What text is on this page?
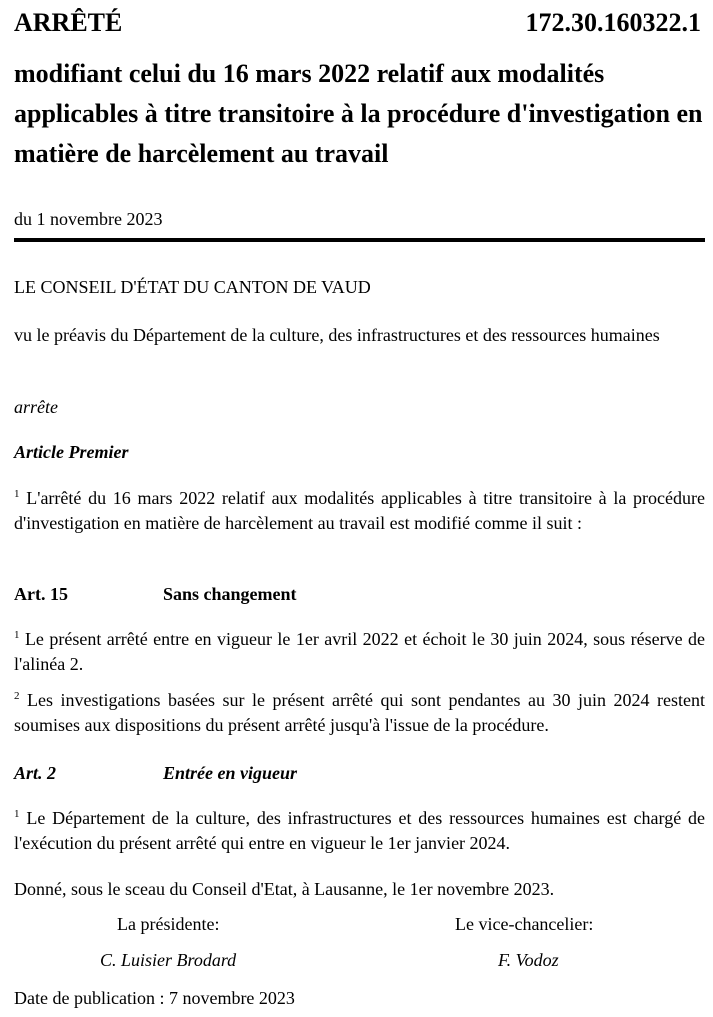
ARRÊTÉ	172.30.160322.1
modifiant celui du 16 mars 2022 relatif aux modalités applicables à titre transitoire à la procédure d'investigation en matière de harcèlement au travail
du 1 novembre 2023
LE CONSEIL D'ÉTAT DU CANTON DE VAUD
vu le préavis du Département de la culture, des infrastructures et des ressources humaines
arrête
Article Premier
$^1$ L'arrêté du 16 mars 2022 relatif aux modalités applicables à titre transitoire à la procédure d'investigation en matière de harcèlement au travail est modifié comme il suit :
Art. 15	Sans changement
$^1$ Le présent arrêté entre en vigueur le 1er avril 2022 et échoit le 30 juin 2024, sous réserve de l'alinéa 2.
$^2$ Les investigations basées sur le présent arrêté qui sont pendantes au 30 juin 2024 restent soumises aux dispositions du présent arrêté jusqu'à l'issue de la procédure.
Art. 2	Entrée en vigueur
$^1$ Le Département de la culture, des infrastructures et des ressources humaines est chargé de l'exécution du présent arrêté qui entre en vigueur le 1er janvier 2024.
Donné, sous le sceau du Conseil d'Etat, à Lausanne, le 1er novembre 2023.
La présidente:	Le vice-chancelier:
C. Luisier Brodard	F. Vodoz
Date de publication : 7 novembre 2023
